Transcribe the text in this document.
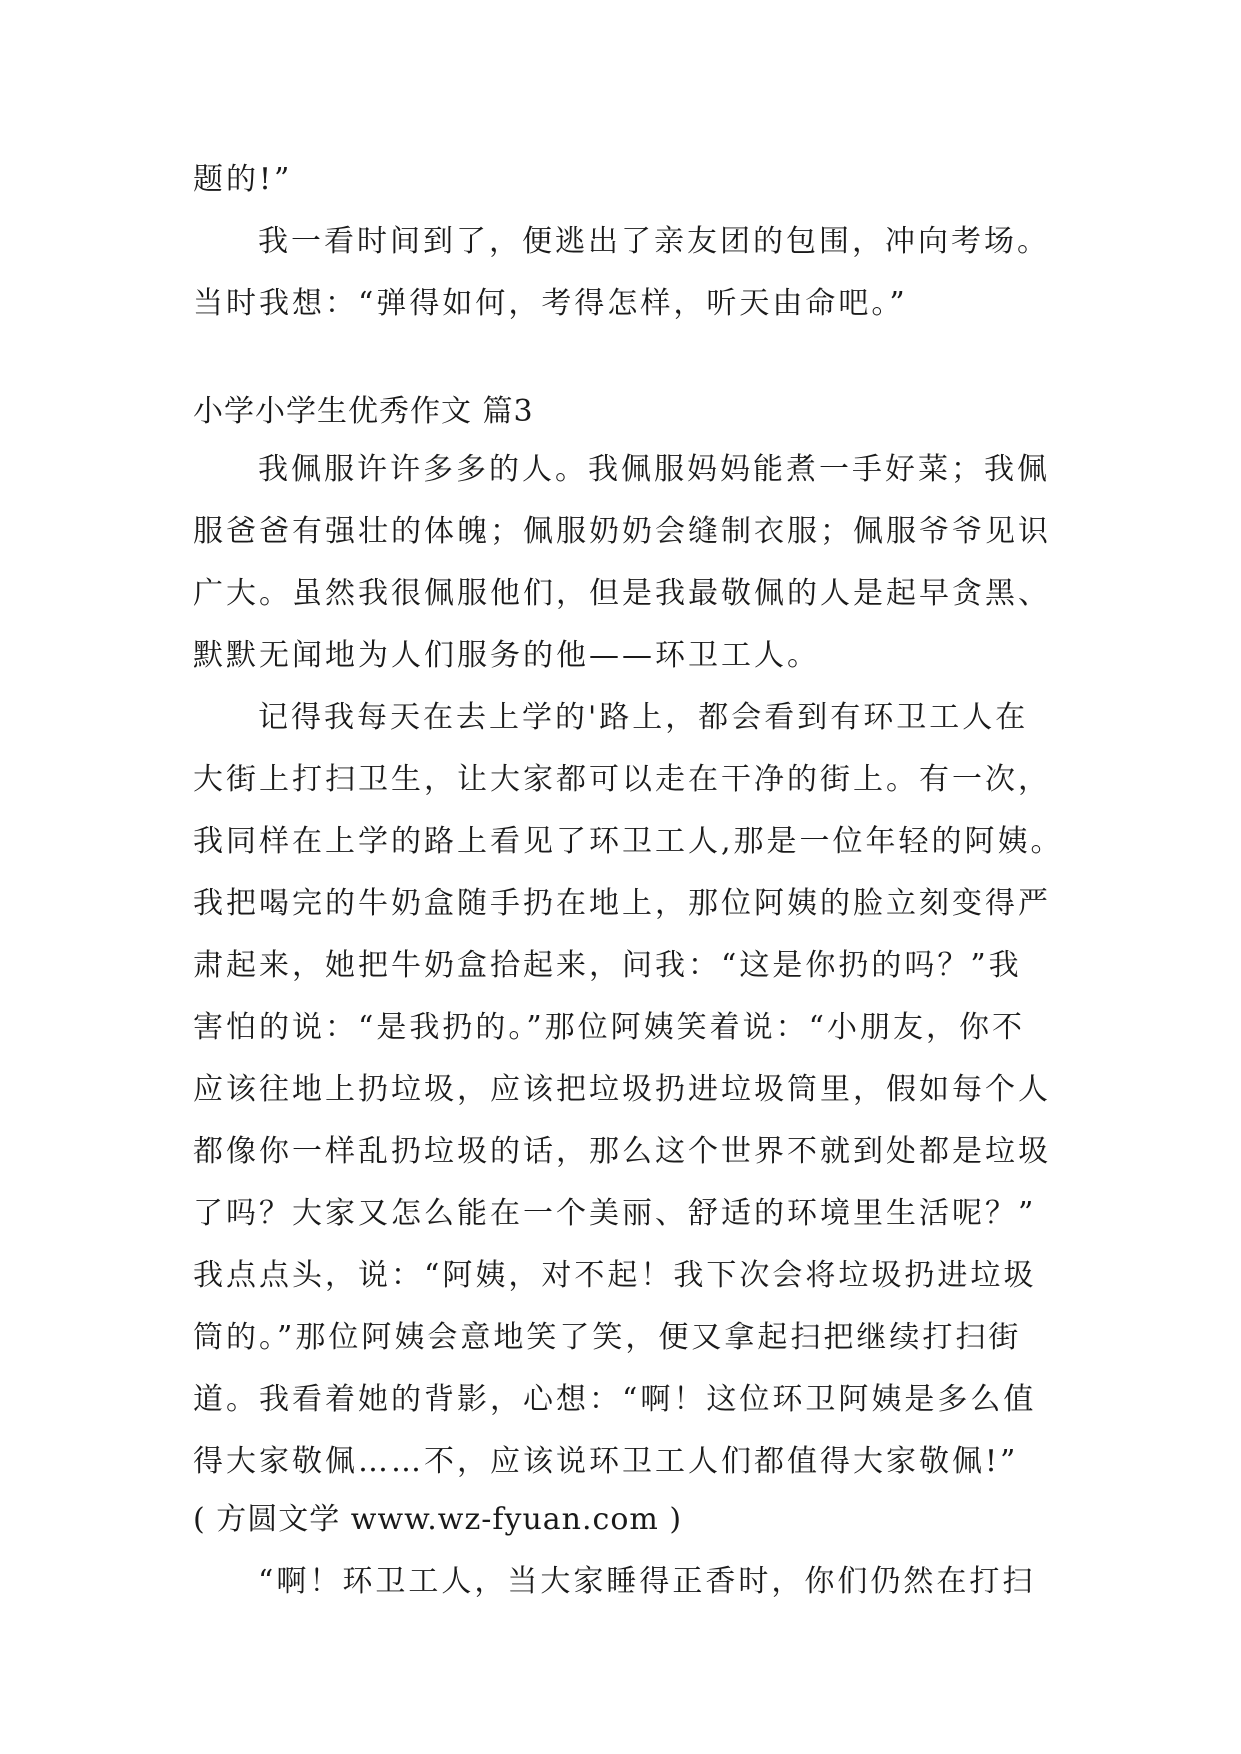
题的!”
我一看时间到了，便逃出了亲友团的包围，冲向考场。
当时我想：“弹得如何，考得怎样，听天由命吧。”
小学小学生优秀作文 篇3
我佩服许许多多的人。我佩服妈妈能煮一手好菜；我佩
服爸爸有强壮的体魄；佩服奶奶会缝制衣服；佩服爷爷见识
广大。虽然我很佩服他们，但是我最敬佩的人是起早贪黑、
默默无闻地为人们服务的他——环卫工人。
记得我每天在去上学的'路上，都会看到有环卫工人在
大街上打扫卫生，让大家都可以走在干净的街上。有一次，
我同样在上学的路上看见了环卫工人,那是一位年轻的阿姨。
我把喝完的牛奶盒随手扔在地上，那位阿姨的脸立刻变得严
肃起来，她把牛奶盒拾起来，问我：“这是你扔的吗？”我
害怕的说：“是我扔的。”那位阿姨笑着说：“小朋友，你不
应该往地上扔垃圾，应该把垃圾扔进垃圾筒里，假如每个人
都像你一样乱扔垃圾的话，那么这个世界不就到处都是垃圾
了吗？大家又怎么能在一个美丽、舒适的环境里生活呢？”
我点点头，说：“阿姨，对不起！我下次会将垃圾扔进垃圾
筒的。”那位阿姨会意地笑了笑，便又拿起扫把继续打扫街
道。我看着她的背影，心想：“啊！这位环卫阿姨是多么值
得大家敬佩……不，应该说环卫工人们都值得大家敬佩!”
( 方圆文学 www.wz-fyuan.com )
“啊！环卫工人，当大家睡得正香时，你们仍然在打扫
